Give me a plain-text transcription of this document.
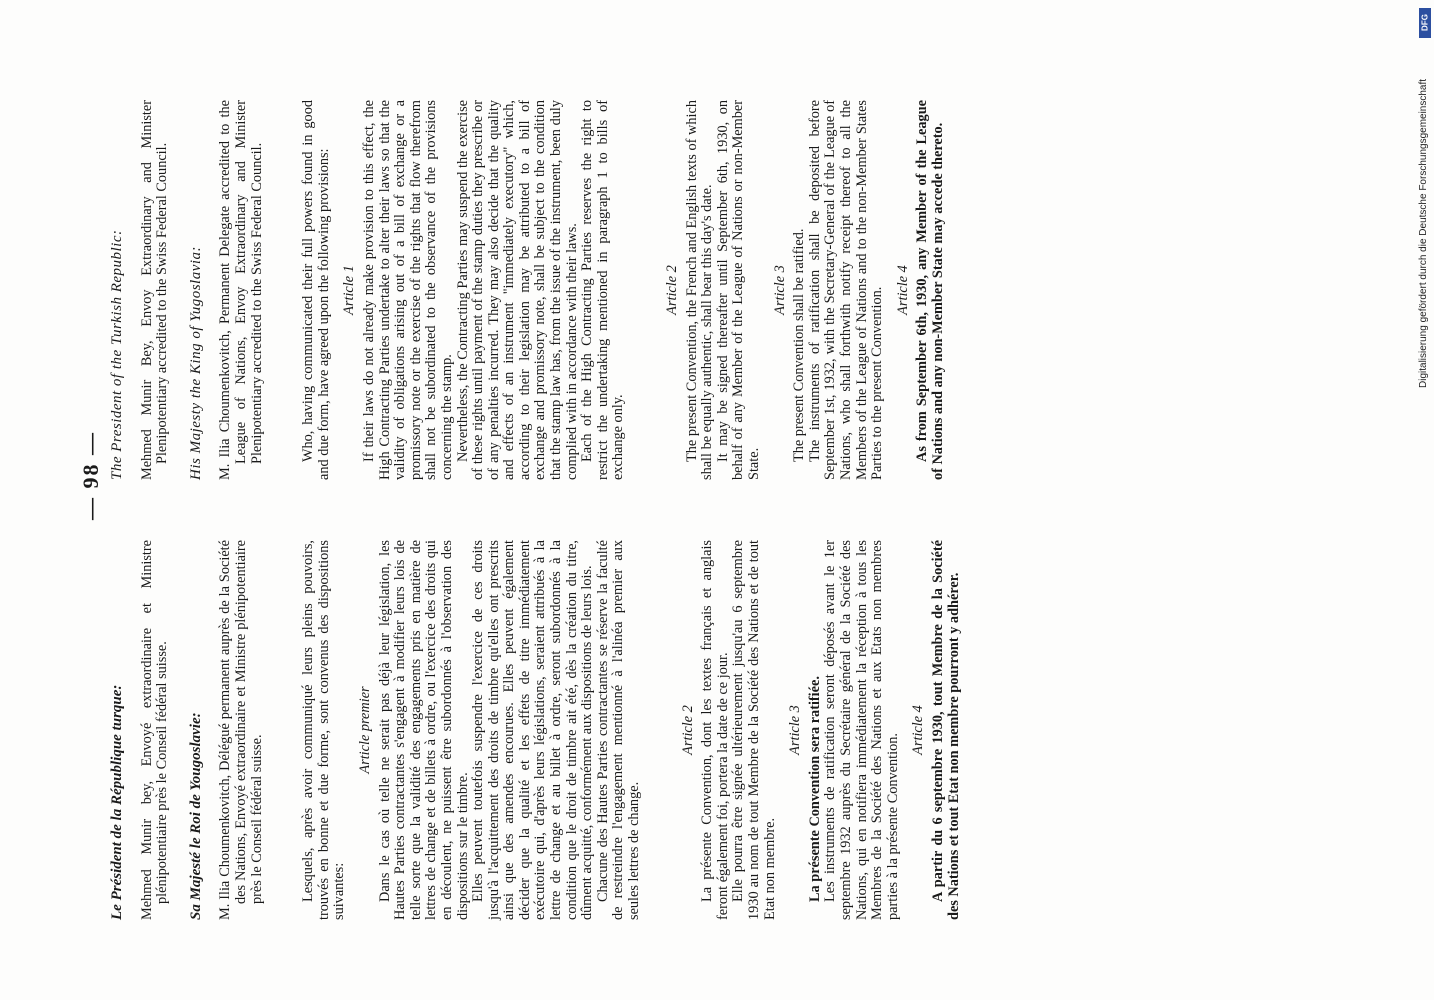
— 98 —
Le Président de la République turque: Mehmed Munir bey, Envoyé extraordinaire et Ministre plénipotentiaire près le Conseil fédéral suisse. Sa Majesté le Roi de Yougoslavie: M. Ilia Choumenkovitch, Délégué permanent auprès de la Société des Nations, Envoyé extraordinaire et Ministre plénipotentiaire près le Conseil fédéral suisse. Lesquels, après avoir communiqué leurs pleins pouvoirs, trouvés en bonne et due forme, sont convenus des dispositions suivantes:

Article premier Dans le cas où telle ne serait pas déjà leur législation, les Hautes Parties contractantes s'engagent à modifier leurs lois de telle sorte que la validité des engagements pris en matière de lettres de change et de billets à ordre, ou l'exercice des droits qui en découlent, ne puissent être subordonnés à l'observation des dispositions sur le timbre. Elles peuvent toutefois suspendre l'exercice de ces droits jusqu'à l'acquittement des droits de timbre qu'elles ont prescrits ainsi que des amendes encourues. Elles peuvent également décider que la qualité et les effets de titre immédiatement exécutoire qui, d'après leurs législations, seraient attribués à la lettre de change et au billet à ordre, seront subordonnés à la condition que le droit de timbre ait été, dès la création du titre, dûment acquitté, conformément aux dispositions de leurs lois. Chacune des Hautes Parties contractantes se réserve la faculté de restreindre l'engagement mentionné à l'alinéa premier aux seules lettres de change.

Article 2 La présente Convention, dont les textes français et anglais feront également foi, portera la date de ce jour. Elle pourra être signée ultérieurement jusqu'au 6 septembre 1930 au nom de tout Membre de la Société des Nations et de tout Etat non membre.

Article 3 La présente Convention sera ratifiée. Les instruments de ratification seront déposés avant le 1er septembre 1932 auprès du Secrétaire général de la Société des Nations, qui en notifiera immédiatement la réception à tous les Membres de la Société des Nations et aux Etats non membres parties à la présente Convention.

Article 4 A partir du 6 septembre 1930, tout Membre de la Société des Nations et tout Etat non membre pourront y adhérer.

The President of the Turkish Republic: Mehmed Munir Bey, Envoy Extraordinary and Minister Plenipotentiary accredited to the Swiss Federal Council. His Majesty the King of Yugoslavia: M. Ilia Choumenkovitch, Permanent Delegate accredited to the League of Nations, Envoy Extraordinary and Minister Plenipotentiary accredited to the Swiss Federal Council. Who, having communicated their full powers found in good and due form, have agreed upon the following provisions: Article 1 If their laws do not already make provision to this effect, the High Contracting Parties undertake to alter their laws so that the validity of obligations arising out of a bill of exchange or a promissory note or the exercise of the rights that flow therefrom shall not be subordinated to the observance of the provisions concerning the stamp. Nevertheless, the Contracting Parties may suspend the exercise of these rights until payment of the stamp duties they prescribe or of any penalties incurred. They may also decide that the quality and effects of an instrument "immediately executory" which, according to their legislation may be attributed to a bill of exchange and promissory note, shall be subject to the condition that the stamp law has, from the issue of the instrument, been duly complied with in accordance with their laws. Each of the High Contracting Parties reserves the right to restrict the undertaking mentioned in paragraph 1 to bills of exchange only.

Article 2 The present Convention, the French and English texts of which shall be equally authentic, shall bear this day's date. It may be signed thereafter until September 6th, 1930, on behalf of any Member of the League of Nations or non-Member State.

Article 3 The present Convention shall be ratified. The instruments of ratification shall be deposited before September 1st, 1932, with the Secretary-General of the League of Nations, who shall forthwith notify receipt thereof to all the Members of the League of Nations and to the non-Member States Parties to the present Convention. Article 4 As from September 6th, 1930, any Member of the League of Nations and any non-Member State may accede thereto.

DFG
Digitalisierung gefördert durch die Deutsche Forschungsgemeinschaft
